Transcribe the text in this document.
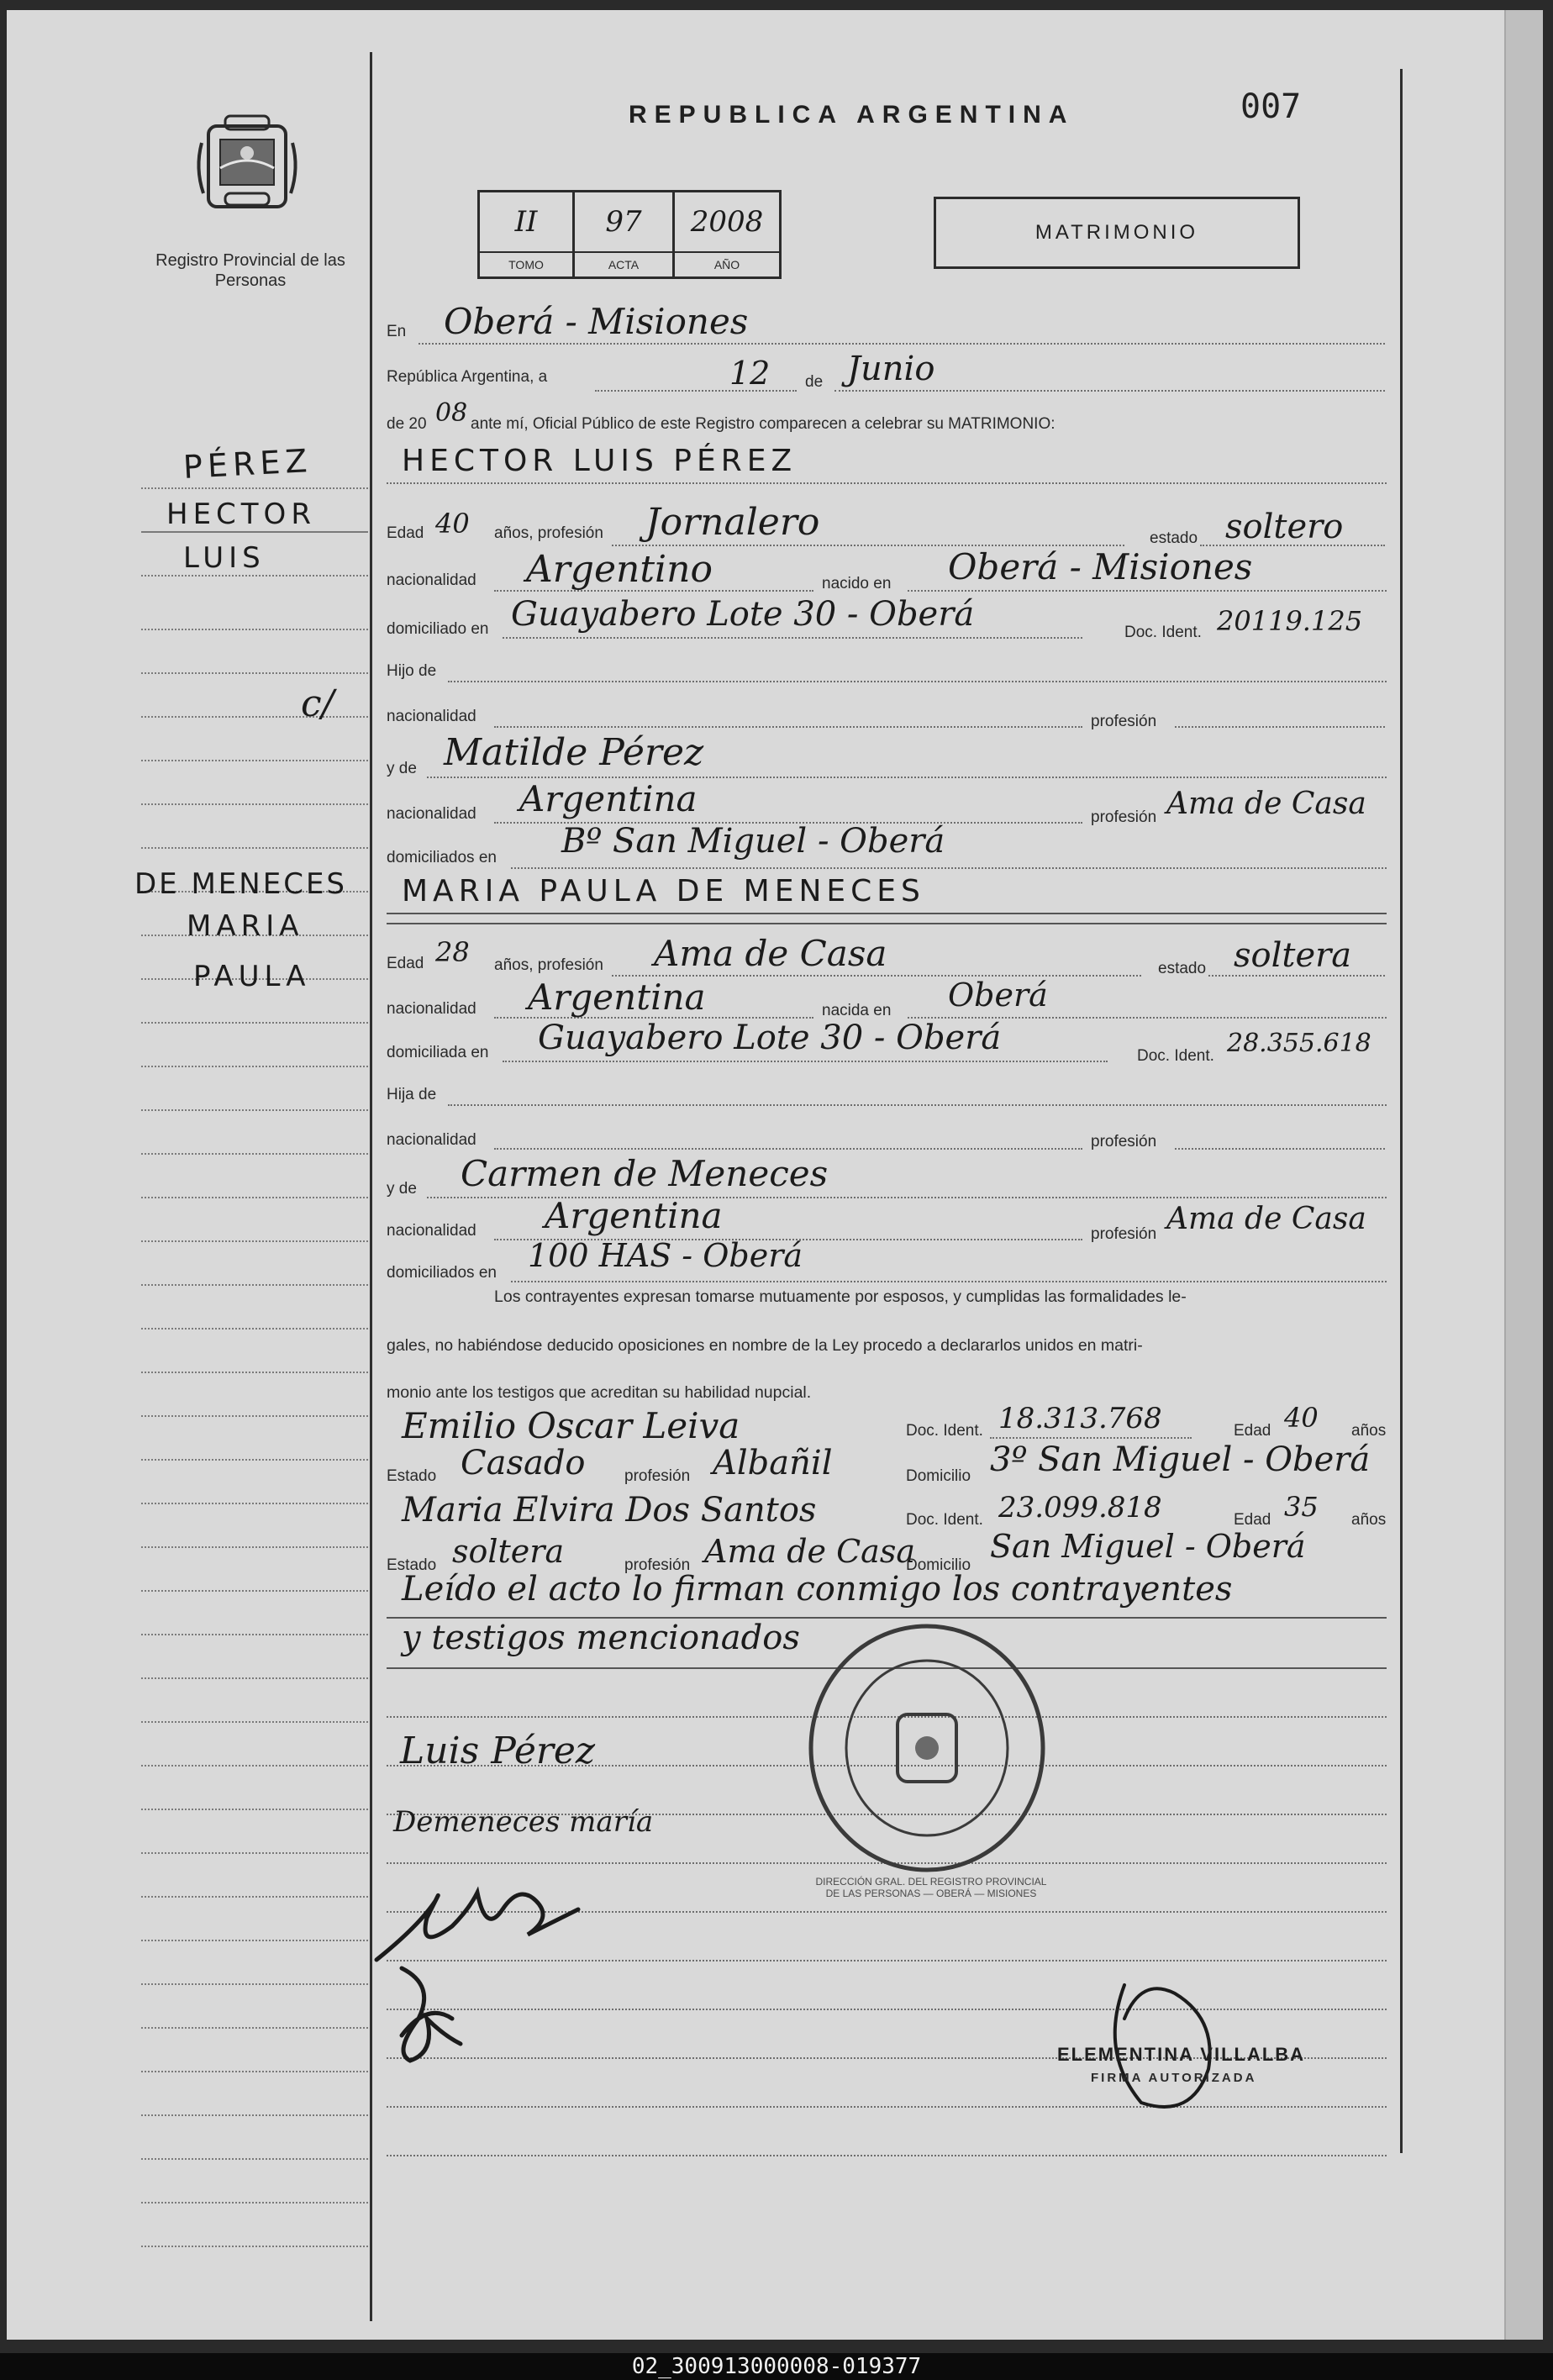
Registro Provincial de las Personas
REPUBLICA ARGENTINA	007
II	97	2008
TOMO	ACTA	AÑO
MATRIMONIO
PÉREZ
HECTOR
LUIS
c/
DE MENECES
MARIA
PAULA
En Oberá - Misiones
República Argentina, a	12 de Junio
de 20 08 ante mí, Oficial Público de este Registro comparecen a celebrar su MATRIMONIO:
HECTOR LUIS PÉREZ
Edad 40 años, profesión Jornalero	estado soltero
nacionalidad Argentino	nacido en Oberá - Misiones
domiciliado en Guayabero Lote 30 - Oberá	Doc. Ident. 20119.125
Hijo de
nacionalidad	profesión
y de Matilde Pérez
nacionalidad Argentina	profesión Ama de Casa
domiciliados en Bº San Miguel - Oberá
MARIA PAULA DE MENECES
Edad 28 años, profesión Ama de Casa	estado soltera
nacionalidad Argentina	nacida en Oberá
domiciliada en Guayabero Lote 30 - Oberá	Doc. Ident. 28.355.618
Hija de
nacionalidad	profesión
y de Carmen de Meneces
nacionalidad Argentina	profesión Ama de Casa
domiciliados en 100 HAS - Oberá
Los contrayentes expresan tomarse mutuamente por esposos, y cumplidas las formalidades le-
gales, no habiéndose deducido oposiciones en nombre de la Ley procedo a declararlos unidos en matri-
monio ante los testigos que acreditan su habilidad nupcial.
Emilio Oscar Leiva	Doc. Ident. 18.313.768	Edad 40 años
Estado Casado profesión Albañil	Domicilio 3º San Miguel - Oberá
Maria Elvira Dos Santos	Doc. Ident. 23.099.818	Edad 35 años
Estado soltera	profesión Ama de Casa
Domicilio
San Miguel - Oberá
Leído el acto lo firman conmigo los contrayentes
y testigos mencionados
Luis Pérez
Demeneces maría
DIRECCIÓN GRAL. DEL REGISTRO PROVINCIAL DE LAS PERSONAS — OBERÁ — MISIONES
ELEMENTINA VILLALBA
FIRMA AUTORIZADA
02_300913000008-019377
